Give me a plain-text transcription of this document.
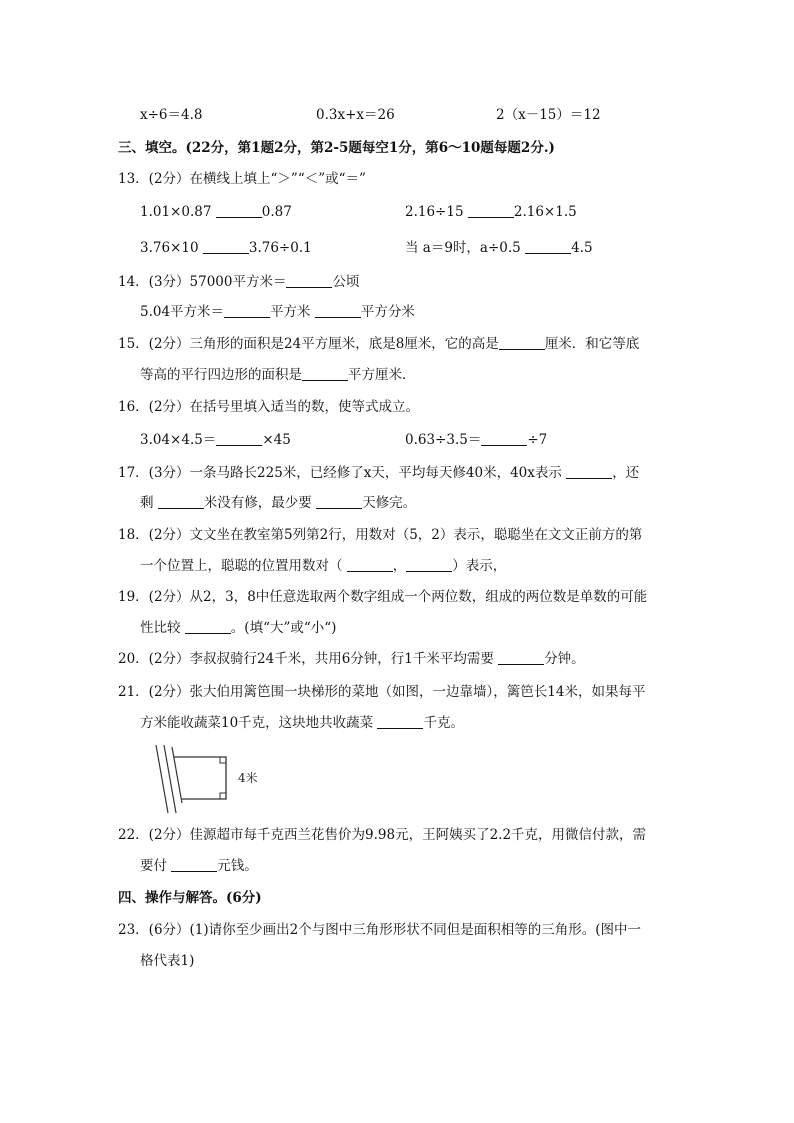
x÷6＝4.8	0.3x+x＝26	2（x－15）＝12
三、填空。(22分，第1题2分，第2-5题每空1分，第6～10题每题2分.)
13．(2分）在横线上填上“＞”“＜”或“＝”
1.01×0.87	0.87	2.16÷15	2.16×1.5
3.76×10	3.76÷0.1	当 a＝9时，a÷0.5	4.5
14．(3分）57000平方米＝	公顷
5.04平方米＝	平方米	平方分米
15．(2分）三角形的面积是24平方厘米，底是8厘米，它的高是	厘米．和它等底
等高的平行四边形的面积是	平方厘米．
16．(2分）在括号里填入适当的数，使等式成立。
3.04×4.5＝	×45	0.63÷3.5＝	÷7
17．(3分）一条马路长225米，已经修了x天，平均每天修40米，40x表示	，还
剩	米没有修，最少要	天修完。
18．(2分）文文坐在教室第5列第2行，用数对（5，2）表示，聪聪坐在文文正前方的第
一个位置上，聪聪的位置用数对（	，	）表示，
19．(2分）从2，3，8中任意选取两个数字组成一个两位数，组成的两位数是单数的可能
性比较	。(填“大”或“小“)
20．(2分）李叔叔骑行24千米，共用6分钟，行1千米平均需要	分钟。
21．(2分）张大伯用篱笆围一块梯形的菜地（如图，一边靠墙），篱笆长14米，如果每平
方米能收蔬菜10千克，这块地共收蔬菜	千克。
4米
22．(2分）佳源超市每千克西兰花售价为9.98元，王阿姨买了2.2千克，用微信付款，需
要付	元钱。
四、操作与解答。(6分)
23．(6分）(1)请你至少画出2个与图中三角形形状不同但是面积相等的三角形。(图中一
格代表1)
